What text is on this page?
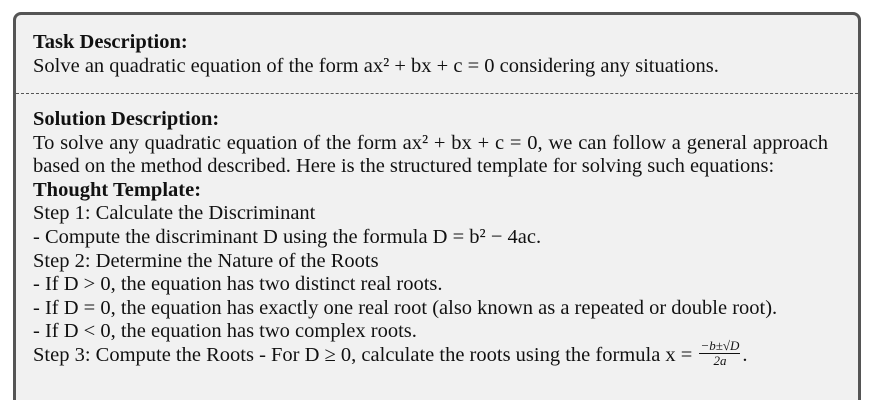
Task Description:
Solve an quadratic equation of the form ax² + bx + c = 0 considering any situations.
Solution Description:
To solve any quadratic equation of the form ax² + bx + c = 0, we can follow a general approach based on the method described. Here is the structured template for solving such equations:
Thought Template:
Step 1: Calculate the Discriminant
- Compute the discriminant D using the formula D = b² − 4ac.
Step 2: Determine the Nature of the Roots
- If D > 0, the equation has two distinct real roots.
- If D = 0, the equation has exactly one real root (also known as a repeated or double root).
- If D < 0, the equation has two complex roots.
Step 3: Compute the Roots - For D ≥ 0, calculate the roots using the formula $x = \frac{-b\pm√D}{2a}$ .
